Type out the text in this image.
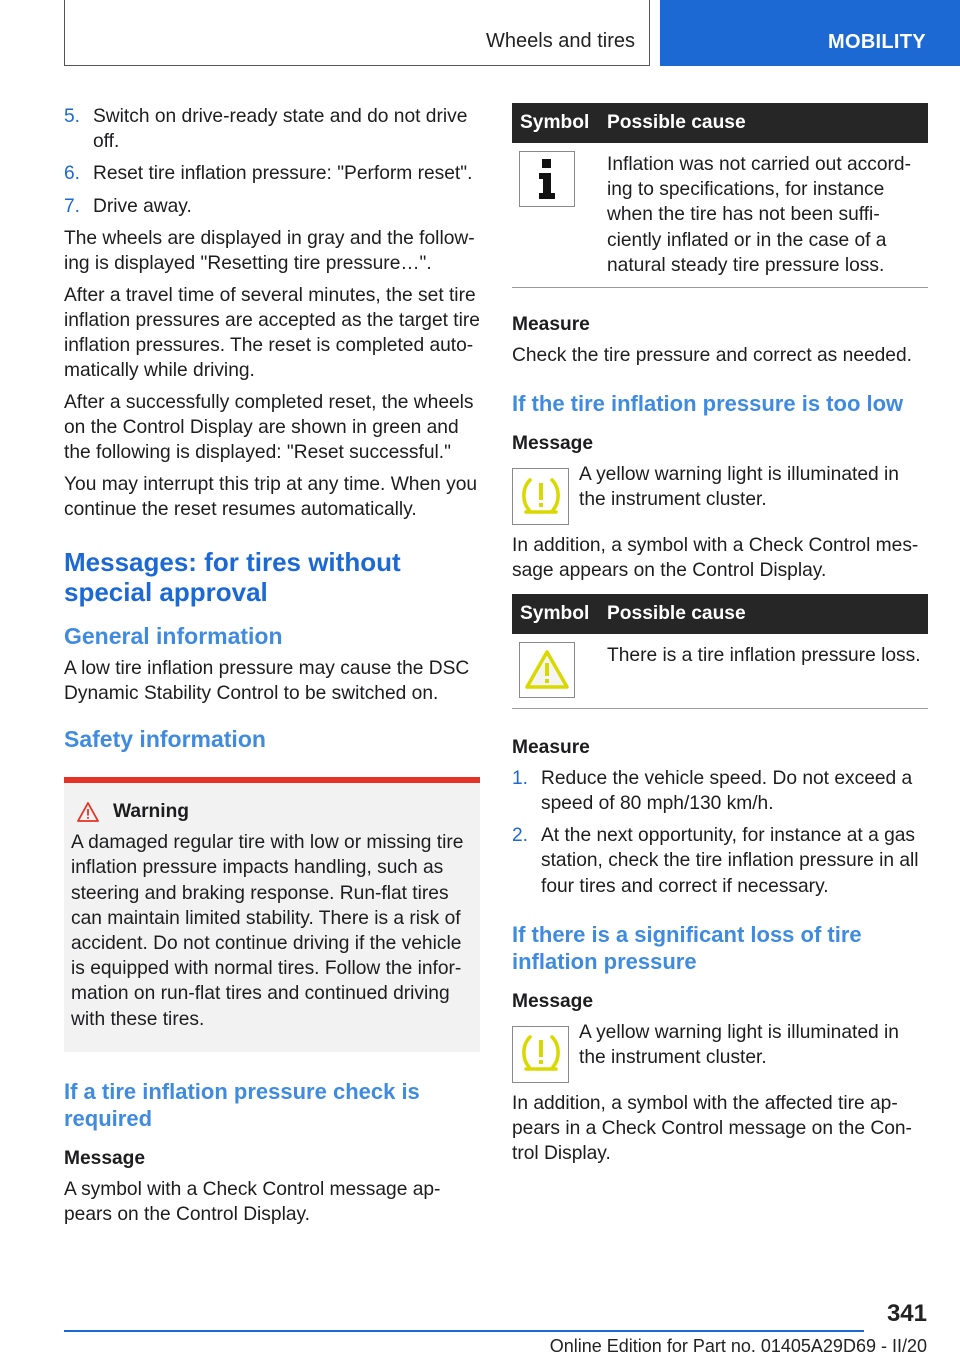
Wheels and tires	MOBILITY
5. Switch on drive-ready state and do not drive off.
6. Reset tire inflation pressure: "Perform reset".
7. Drive away.

The wheels are displayed in gray and the follow-ing is displayed "Resetting tire pressure…".

After a travel time of several minutes, the set tire inflation pressures are accepted as the target tire inflation pressures. The reset is completed auto-matically while driving.

After a successfully completed reset, the wheels on the Control Display are shown in green and the following is displayed: "Reset successful."

You may interrupt this trip at any time. When you continue the reset resumes automatically.

Messages: for tires without special approval
General information

A low tire inflation pressure may cause the DSC Dynamic Stability Control to be switched on.

Safety information
Warning
A damaged regular tire with low or missing tire inflation pressure impacts handling, such as steering and braking response. Run-flat tires can maintain limited stability. There is a risk of accident. Do not continue driving if the vehicle is equipped with normal tires. Follow the infor-mation on run-flat tires and continued driving with these tires.
If a tire inflation pressure check is required
Message

A symbol with a Check Control message ap-pears on the Control Display.

Symbol	Possible cause

	Inflation was not carried out accord-ing to specifications, for instance when the tire has not been suffi-ciently inflated or in the case of a natural steady tire pressure loss.
Measure

Check the tire pressure and correct as needed.

If the tire inflation pressure is too low
Message
A yellow warning light is illuminated in the instrument cluster.

In addition, a symbol with a Check Control mes-sage appears on the Control Display.

Symbol	Possible cause

	There is a tire inflation pressure loss.
Measure
1. Reduce the vehicle speed. Do not exceed a speed of 80 mph/130 km/h.
2. At the next opportunity, for instance at a gas station, check the tire inflation pressure in all four tires and correct if necessary.
If there is a significant loss of tire inflation pressure
Message
A yellow warning light is illuminated in the instrument cluster.

In addition, a symbol with the affected tire ap-pears in a Check Control message on the Con-trol Display.

341
Online Edition for Part no. 01405A29D69 - II/20
